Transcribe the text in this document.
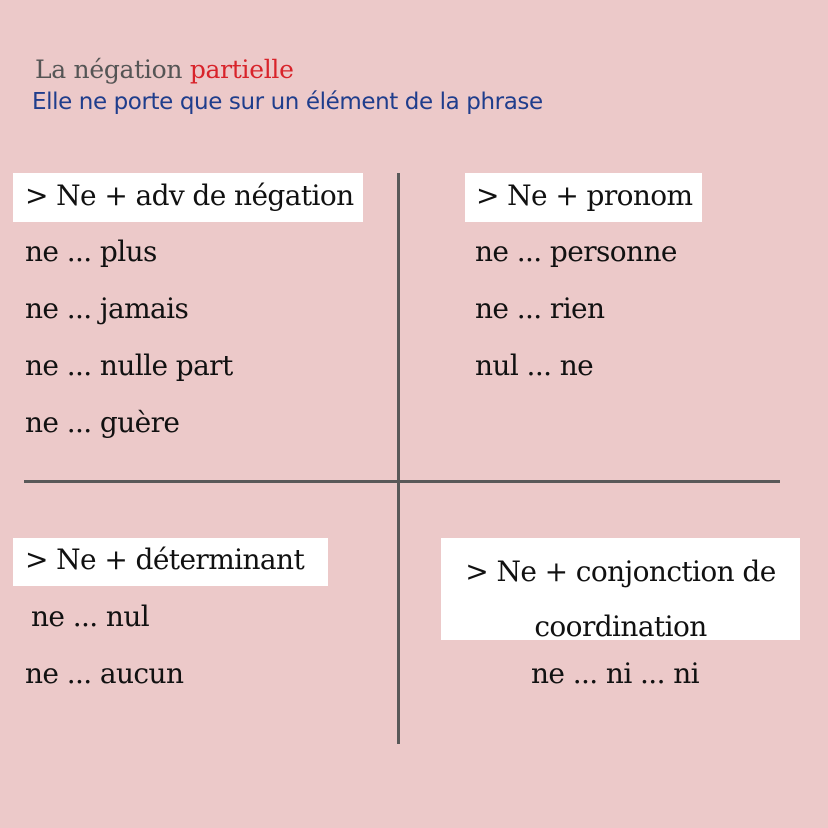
La négation partielle
Elle ne porte que sur un élément de la phrase
> Ne + adv de négation
ne ... plus
ne ... jamais
ne ... nulle part
ne ... guère
> Ne + pronom
ne ... personne
ne ... rien
nul ... ne
> Ne + déterminant
ne ... nul
ne ... aucun
> Ne + conjonction de
coordination
ne ... ni ... ni
